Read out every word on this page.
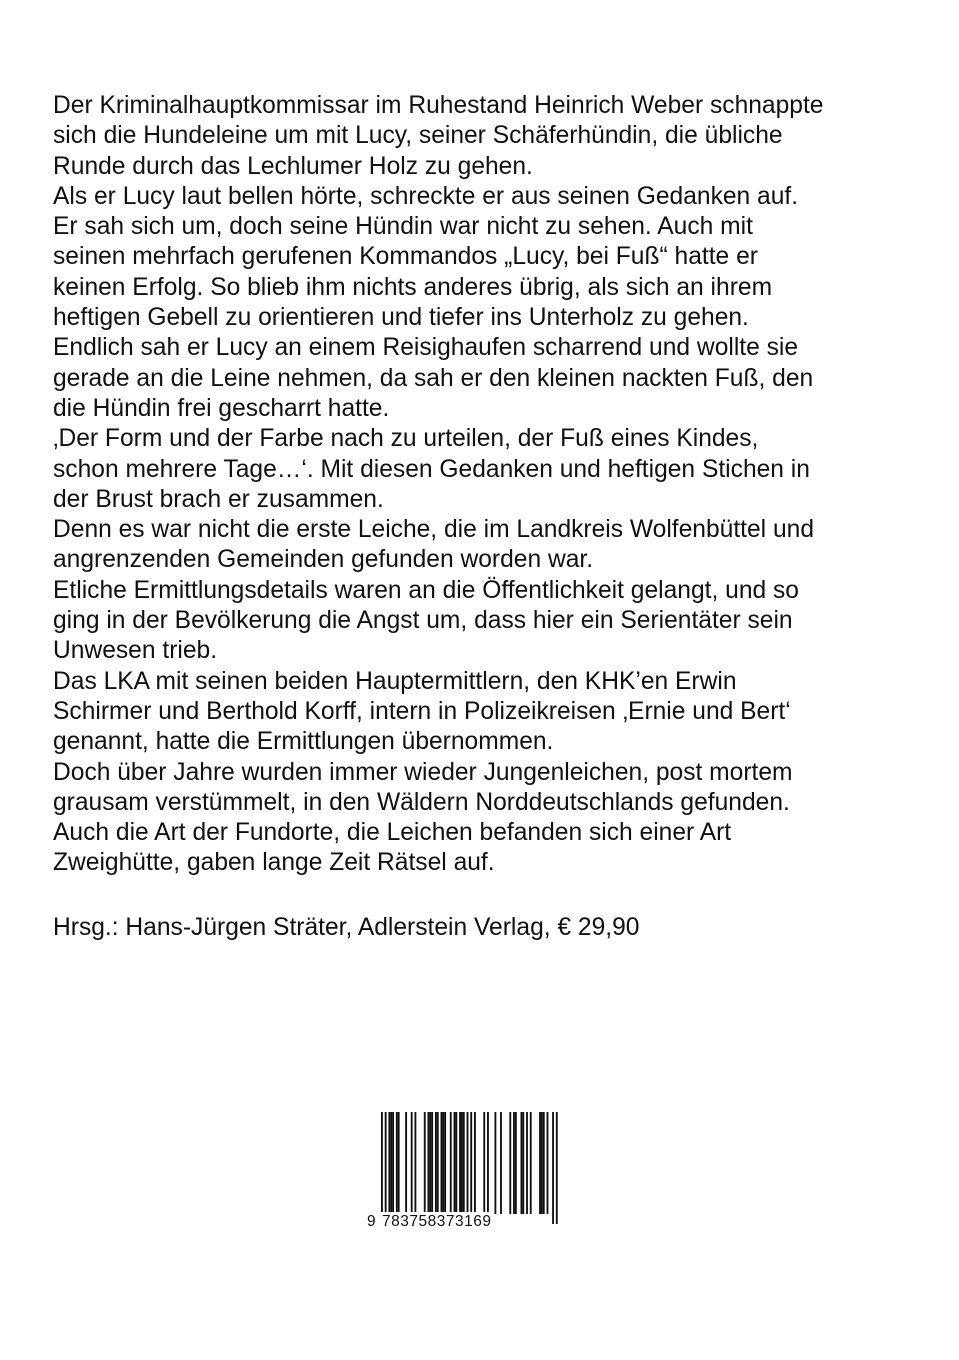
Der Kriminalhauptkommissar im Ruhestand Heinrich Weber schnappte

sich die Hundeleine um mit Lucy, seiner Schäferhündin, die übliche

Runde durch das Lechlumer Holz zu gehen.

Als er Lucy laut bellen hörte, schreckte er aus seinen Gedanken auf.

Er sah sich um, doch seine Hündin war nicht zu sehen. Auch mit

seinen mehrfach gerufenen Kommandos „Lucy, bei Fuß“ hatte er

keinen Erfolg. So blieb ihm nichts anderes übrig, als sich an ihrem

heftigen Gebell zu orientieren und tiefer ins Unterholz zu gehen.

Endlich sah er Lucy an einem Reisighaufen scharrend und wollte sie

gerade an die Leine nehmen, da sah er den kleinen nackten Fuß, den

die Hündin frei gescharrt hatte.

‚Der Form und der Farbe nach zu urteilen, der Fuß eines Kindes,

schon mehrere Tage…‘. Mit diesen Gedanken und heftigen Stichen in

der Brust brach er zusammen.

Denn es war nicht die erste Leiche, die im Landkreis Wolfenbüttel und

angrenzenden Gemeinden gefunden worden war.

Etliche Ermittlungsdetails waren an die Öffentlichkeit gelangt, und so

ging in der Bevölkerung die Angst um, dass hier ein Serientäter sein

Unwesen trieb.

Das LKA mit seinen beiden Hauptermittlern, den KHK’en Erwin

Schirmer und Berthold Korff, intern in Polizeikreisen ‚Ernie und Bert‘

genannt, hatte die Ermittlungen übernommen.

Doch über Jahre wurden immer wieder Jungenleichen, post mortem

grausam verstümmelt, in den Wäldern Norddeutschlands gefunden.

Auch die Art der Fundorte, die Leichen befanden sich einer Art

Zweighütte, gaben lange Zeit Rätsel auf.

Hrsg.: Hans-Jürgen Sträter, Adlerstein Verlag, € 29,90
9 783758373169
